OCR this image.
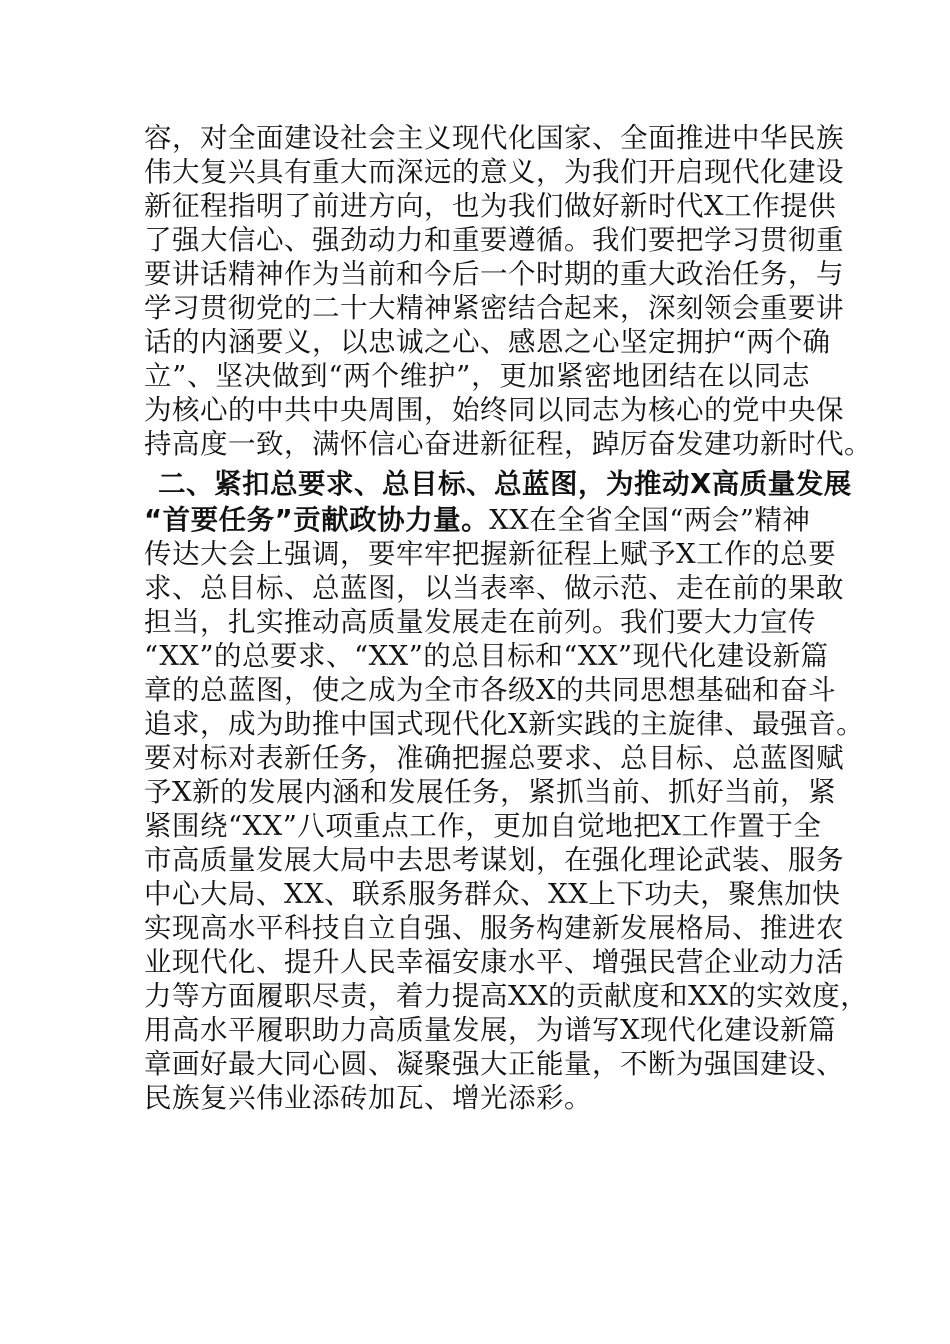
容，对全面建设社会主义现代化国家、全面推进中华民族
伟大复兴具有重大而深远的意义，为我们开启现代化建设
新征程指明了前进方向，也为我们做好新时代X工作提供
了强大信心、强劲动力和重要遵循。我们要把学习贯彻重
要讲话精神作为当前和今后一个时期的重大政治任务，与
学习贯彻党的二十大精神紧密结合起来，深刻领会重要讲
话的内涵要义，以忠诚之心、感恩之心坚定拥护“两个确
立”、坚决做到“两个维护”，更加紧密地团结在以同志
为核心的中共中央周围，始终同以同志为核心的党中央保
持高度一致，满怀信心奋进新征程，踔厉奋发建功新时代。
二、紧扣总要求、总目标、总蓝图，为推动X高质量发展
“首要任务”贡献政协力量。XX在全省全国“两会”精神
传达大会上强调，要牢牢把握新征程上赋予X工作的总要
求、总目标、总蓝图，以当表率、做示范、走在前的果敢
担当，扎实推动高质量发展走在前列。我们要大力宣传
“XX”的总要求、“XX”的总目标和“XX”现代化建设新篇
章的总蓝图，使之成为全市各级X的共同思想基础和奋斗
追求，成为助推中国式现代化X新实践的主旋律、最强音。
要对标对表新任务，准确把握总要求、总目标、总蓝图赋
予X新的发展内涵和发展任务，紧抓当前、抓好当前，紧
紧围绕“XX”八项重点工作，更加自觉地把X工作置于全
市高质量发展大局中去思考谋划，在强化理论武装、服务
中心大局、XX、联系服务群众、XX上下功夫，聚焦加快
实现高水平科技自立自强、服务构建新发展格局、推进农
业现代化、提升人民幸福安康水平、增强民营企业动力活
力等方面履职尽责，着力提高XX的贡献度和XX的实效度，
用高水平履职助力高质量发展，为谱写X现代化建设新篇
章画好最大同心圆、凝聚强大正能量，不断为强国建设、
民族复兴伟业添砖加瓦、增光添彩。
